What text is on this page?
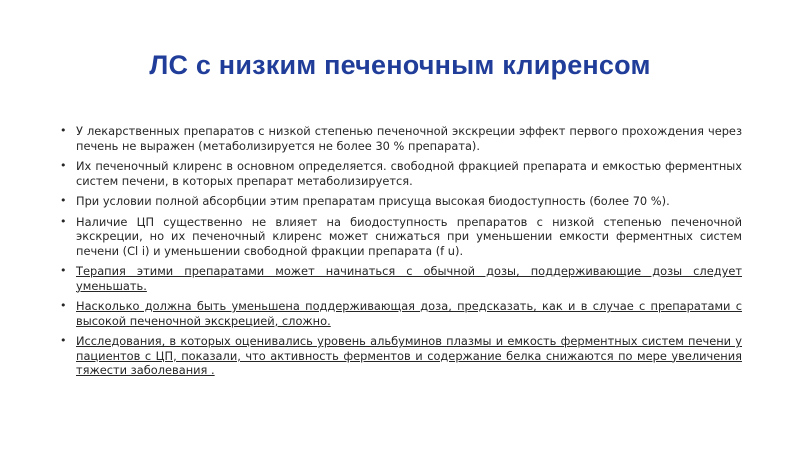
ЛС с низким печеночным клиренсом
• У лекарственных препаратов с низкой степенью печеночной экскреции эффект первого прохождения через печень не выражен (метаболизируется не более 30 % препарата).
• Их печеночный клиренс в основном определяется. свободной фракцией препарата и емкостью ферментных систем печени, в которых препарат метаболизируется.
• При условии полной абсорбции этим препаратам присуща высокая биодоступность (более 70 %).
• Наличие ЦП существенно не влияет на биодоступность препаратов с низкой степенью печеночной экскреции, но их печеночный клиренс может снижаться при уменьшении емкости ферментных систем печени (Cl i) и уменьшении свободной фракции препарата (f u).
• Терапия этими препаратами может начинаться с обычной дозы, поддерживающие дозы следует уменьшать.
• Насколько должна быть уменьшена поддерживающая доза, предсказать, как и в случае с препаратами с высокой печеночной экскрецией, сложно.
• Исследования, в которых оценивались уровень альбуминов плазмы и емкость ферментных систем печени у пациентов с ЦП, показали, что активность ферментов и содержание белка снижаются по мере увеличения тяжести заболевания .
